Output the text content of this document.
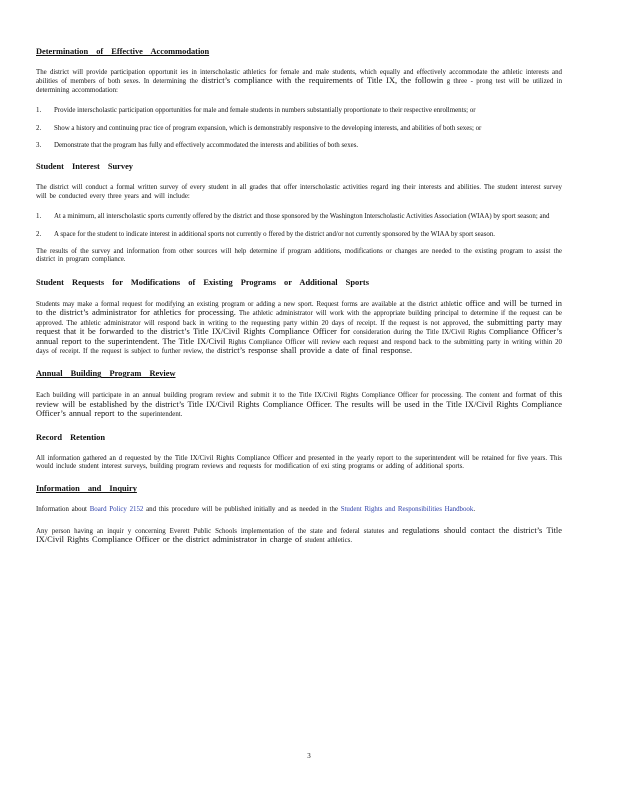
Determination of Effective Accommodation

The district will provide participation opportunit ies in interscholastic athletics for female and male students, which equally and effectively accommodate the athletic interests and abilities of members of both sexes. In determining the district’s compliance with the requirements of Title IX, the followin g three - prong test will be utilized in determining accommodation:

1.	Provide interscholastic participation opportunities for male and female students in numbers substantially proportionate to their respective enrollments; or
2.	Show a history and continuing prac tice of program expansion, which is demonstrably responsive to the developing interests, and abilities of both sexes; or
3.	Demonstrate that the program has fully and effectively accommodated the interests and abilities of both sexes.
Student Interest Survey

The district will conduct a formal written survey of every student in all grades that offer interscholastic activities regard ing their interests and abilities. The student interest survey will be conducted every three years and will include:

1.	At a minimum, all interscholastic sports currently offered by the district and those sponsored by the Washington Interscholastic Activities Association (WIAA) by sport season; and
2.	A space for the student to indicate interest in additional sports not currently o ffered by the district and/or not currently sponsored by the WIAA by sport season.

The results of the survey and information from other sources will help determine if program additions, modifications or changes are needed to the existing program to assist the district in program compliance.

Student Requests for Modifications of Existing Programs or Additional Sports

Students may make a formal request for modifying an existing program or adding a new sport. Request forms are available at the district athletic office and will be turned in to the district’s administrator for athletics for processing. The athletic administrator will work with the appropriate building principal to determine if the request can be approved. The athletic administrator will respond back in writing to the requesting party within 20 days of receipt. If the request is not approved, the submitting party may request that it be forwarded to the district’s Title IX/Civil Rights Compliance Officer for consideration during the Title IX/Civil Rights Compliance Officer’s annual report to the superintendent. The Title IX/Civil Rights Compliance Officer will review each request and respond back to the submitting party in writing within 20 days of receipt. If the request is subject to further review, the district’s response shall provide a date of final response.

Annual Building Program Review

Each building will participate in an annual building program review and submit it to the Title IX/Civil Rights Compliance Officer for processing. The content and format of this review will be established by the district’s Title IX/Civil Rights Compliance Officer. The results will be used in the Title IX/Civil Rights Compliance Officer’s annual report to the superintendent.

Record Retention

All information gathered an d requested by the Title IX/Civil Rights Compliance Officer and presented in the yearly report to the superintendent will be retained for five years. This would include student interest surveys, building program reviews and requests for modification of exi sting programs or adding of additional sports.

Information and Inquiry

Information about Board Policy 2152 and this procedure will be published initially and as needed in the Student Rights and Responsibilities Handbook.

Any person having an inquir y concerning Everett Public Schools implementation of the state and federal statutes and regulations should contact the district’s Title IX/Civil Rights Compliance Officer or the district administrator in charge of student athletics.

3
